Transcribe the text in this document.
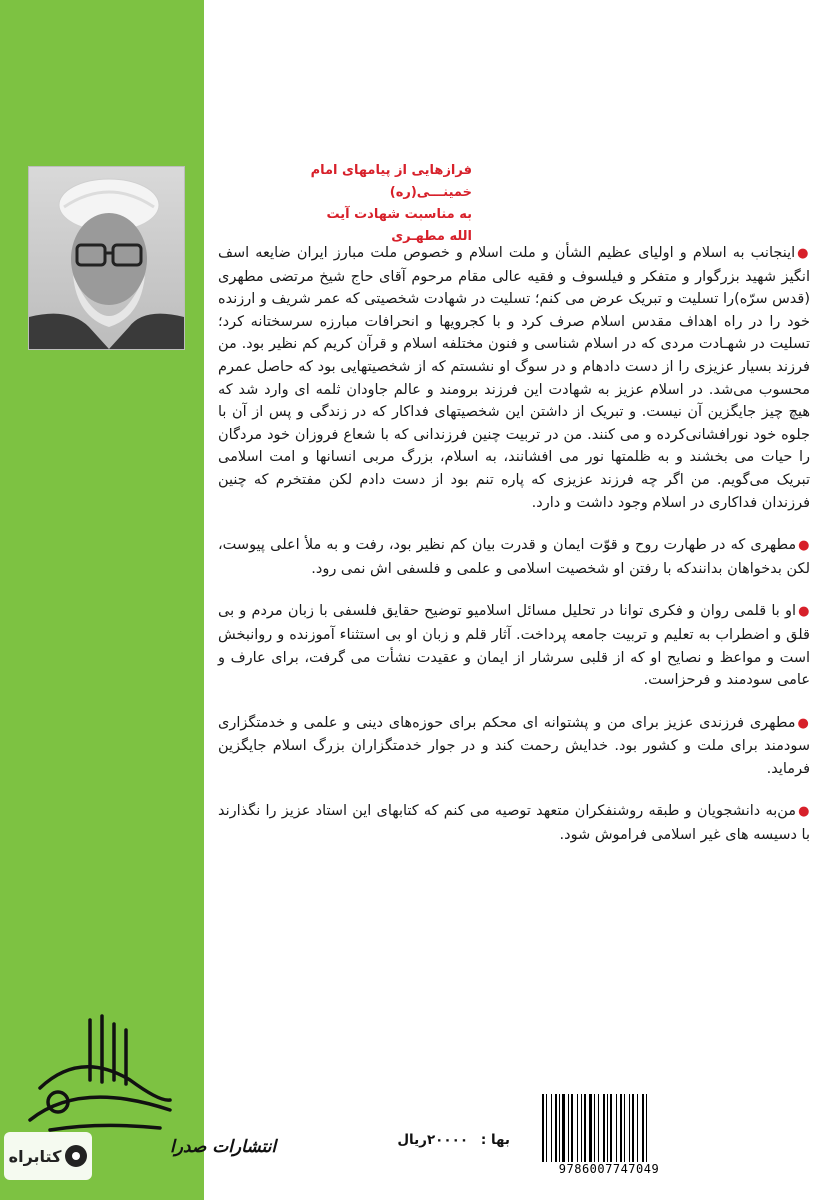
فرازهایی از پیامهای امام خمینـــی(ره)
به مناسبت شهادت آیت الله مطهـری

●اینجانب به اسلام و اولیای عظیم الشأن و ملت اسلام و خصوص ملت مبارز ایران ضایعه اسف انگیز شهید بزرگوار و متفکر و فیلسوف و فقیه عالی مقام مرحوم آقای حاج شیخ مرتضی مطهری (قدس سرّه)را تسلیت و تبریک عرض می کنم؛ تسلیت در شهادت شخصیتی که عمر شریف و ارزنده خود را در راه اهداف مقدس اسلام صرف کرد و با کجرویها و انحرافات مبارزه سرسختانه کرد؛ تسلیت در شهـادت مردی که در اسلام شناسی و فنون مختلفه اسلام و قرآن کریم کم نظیر بود. من فرزند بسیار عزیزی را از دست دادهام و در سوگ او نشستم که از شخصیتهایی بود که حاصل عمرم محسوب می‌شد. در اسلام عزیز به شهادت این فرزند برومند و عالم جاودان ثلمه ای وارد شد که هیچ چیز جایگزین آن نیست. و تبریک از داشتن این شخصیتهای فداکار که در زندگی و پس از آن با جلوه خود نورافشانی‌کرده و می کنند. من در تربیت چنین فرزندانی که با شعاع فروزان خود مردگان را حیات می بخشند و به ظلمتها نور می افشانند، به اسلام، بزرگ مربی انسانها و امت اسلامی تبریک می‌گویم. من اگر چه فرزند عزیزی که پاره تنم بود از دست دادم لکن مفتخرم که چنین فرزندان فداکاری در اسلام وجود داشت و دارد.

●مطهری که در طهارت روح و قوّت ایمان و قدرت بیان کم نظیر بود، رفت و به ملأ اعلی پیوست، لکن بدخواهان بدانندکه با رفتن او شخصیت اسلامی و علمی و فلسفی اش نمی رود.

●او با قلمی روان و فکری توانا در تحلیل مسائل اسلامیو توضیح حقایق فلسفی با زبان مردم و بی قلق و اضطراب به تعلیم و تربیت جامعه پرداخت. آثار قلم و زبان او بی استثناء آموزنده و روانبخش است و مواعظ و نصایح او که از قلبی سرشار از ایمان و عقیدت نشأت می گرفت، برای عارف و عامی سودمند و فرحزاست.

●مطهری فرزندی عزیز برای من و پشتوانه ای محکم برای حوزه‌های دینی و علمی و خدمتگزاری سودمند برای ملت و کشور بود. خدایش رحمت کند و در جوار خدمتگزاران بزرگ اسلام جایگزین فرماید.

●من‌به دانشجویان و طبقه روشنفکران متعهد توصیه می کنم که کتابهای این استاد عزیز را نگذارند با دسیسه های غیر اسلامی فراموش شود.

انتشارات صدرا	بها : ۲۰۰۰۰ریال
9786007747049
کتابراه
